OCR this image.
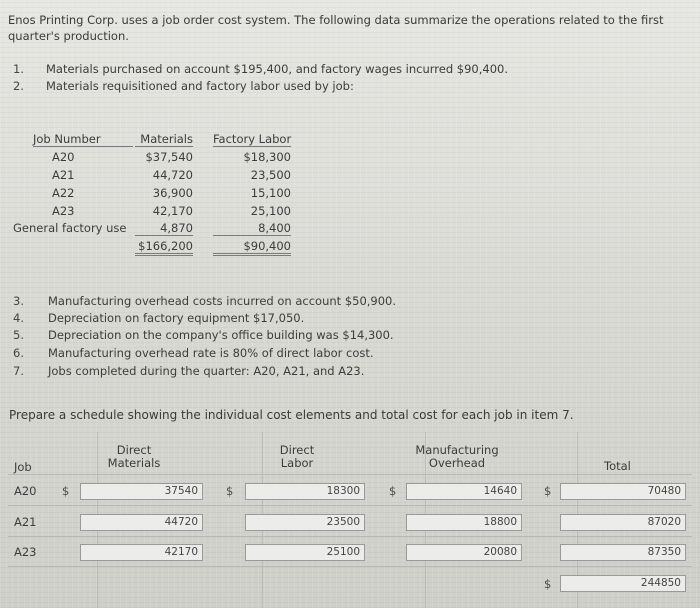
Enos Printing Corp. uses a job order cost system. The following data summarize the operations related to the first quarter's production.
1. Materials purchased on account $195,400, and factory wages incurred $90,400.
2. Materials requisitioned and factory labor used by job:
Job Number	Materials Factory Labor
A20	$37,540	$18,300
A21	44,720	23,500
A22	36,900	15,100
A23	42,170	25,100
General factory use	4,870	8,400
$166,200	$90,400
3. Manufacturing overhead costs incurred on account $50,900.
4. Depreciation on factory equipment $17,050.
5. Depreciation on the company's office building was $14,300.
6. Manufacturing overhead rate is 80% of direct labor cost.
7. Jobs completed during the quarter: A20, A21, and A23.
Prepare a schedule showing the individual cost elements and total cost for each job in item 7.
Job
Direct
Materials
Direct
Labor
Manufacturing
Overhead	Total
A20 $	37540	$	18300	$	14640	$	70480
A21	44720	23500	18800	87020
A23	42170	25100	20080	87350
$	244850
